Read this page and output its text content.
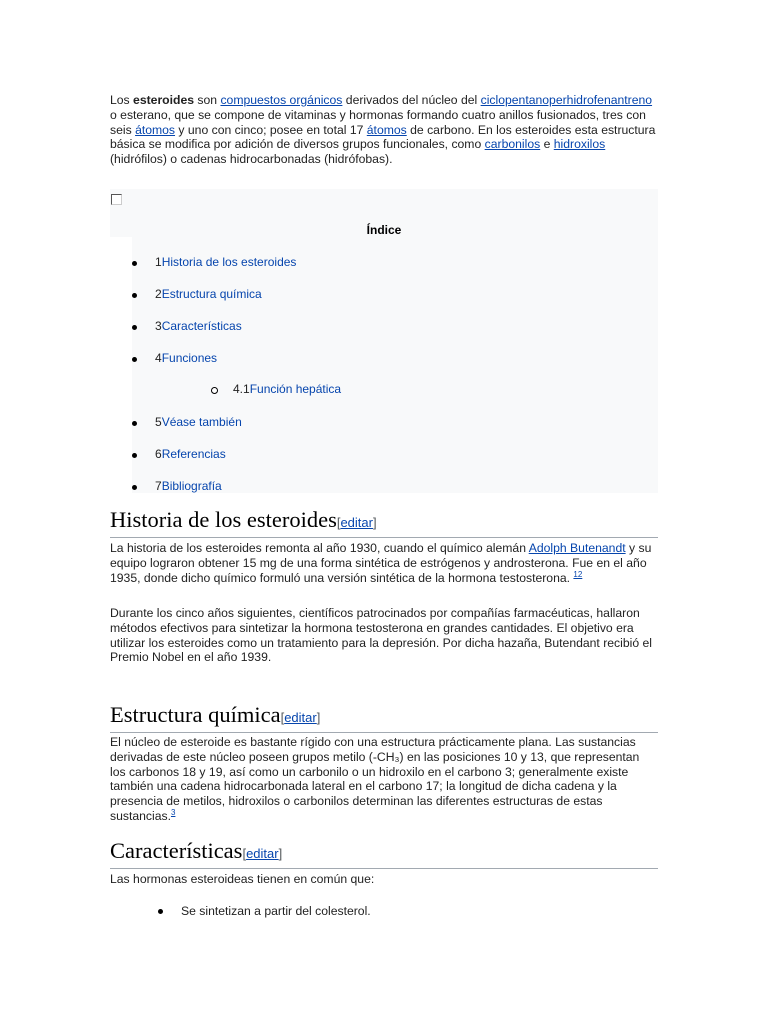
Los esteroides son compuestos orgánicos derivados del núcleo del ciclopentanoperhidrofenantreno o esterano, que se compone de vitaminas y hormonas formando cuatro anillos fusionados, tres con seis átomos y uno con cinco; posee en total 17 átomos de carbono. En los esteroides esta estructura básica se modifica por adición de diversos grupos funcionales, como carbonilos e hidroxilos (hidrófilos) o cadenas hidrocarbonadas (hidrófobas).

Índice
1Historia de los esteroides
2Estructura química
3Características
4Funciones
4.1Función hepática
5Véase también
6Referencias
7Bibliografía
Historia de los esteroides[editar]

La historia de los esteroides remonta al año 1930, cuando el químico alemán Adolph Butenandt y su equipo lograron obtener 15 mg de una forma sintética de estrógenos y androsterona. Fue en el año 1935, donde dicho químico formuló una versión sintética de la hormona testosterona. $^{12}$

Durante los cinco años siguientes, científicos patrocinados por compañías farmacéuticas, hallaron métodos efectivos para sintetizar la hormona testosterona en grandes cantidades. El objetivo era utilizar los esteroides como un tratamiento para la depresión. Por dicha hazaña, Butendant recibió el Premio Nobel en el año 1939.

Estructura química[editar]

El núcleo de esteroide es bastante rígido con una estructura prácticamente plana. Las sustancias derivadas de este núcleo poseen grupos metilo (-CH₃) en las posiciones 10 y 13, que representan los carbonos 18 y 19, así como un carbonilo o un hidroxilo en el carbono 3; generalmente existe también una cadena hidrocarbonada lateral en el carbono 17; la longitud de dicha cadena y la presencia de metilos, hidroxilos o carbonilos determinan las diferentes estructuras de estas sustancias.$^3$

Características[editar]

Las hormonas esteroideas tienen en común que:

Se sintetizan a partir del colesterol.
